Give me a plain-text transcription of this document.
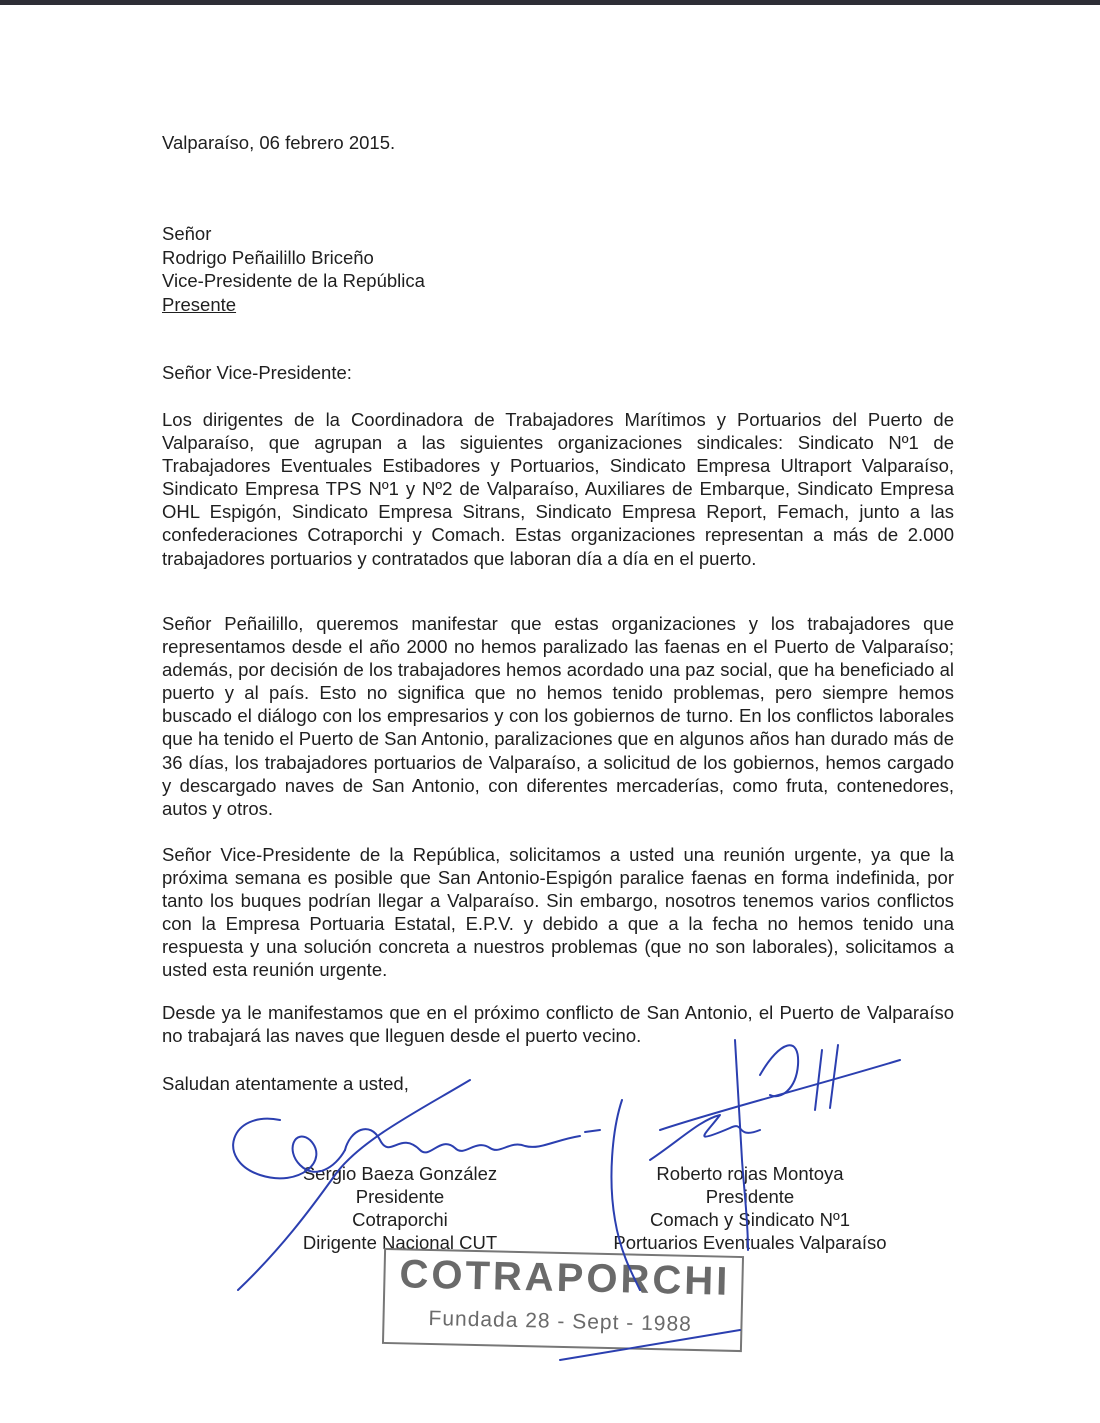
Valparaíso, 06 febrero 2015.
Señor
Rodrigo Peñailillo Briceño
Vice-Presidente de la República
Presente
Señor Vice-Presidente:

Los dirigentes de la Coordinadora de Trabajadores Marítimos y Portuarios del Puerto de Valparaíso, que agrupan a las siguientes organizaciones sindicales: Sindicato Nº1 de Trabajadores Eventuales Estibadores y Portuarios, Sindicato Empresa Ultraport Valparaíso, Sindicato Empresa TPS Nº1 y Nº2 de Valparaíso, Auxiliares de Embarque, Sindicato Empresa OHL Espigón, Sindicato Empresa Sitrans, Sindicato Empresa Report, Femach, junto a las confederaciones Cotraporchi y Comach. Estas organizaciones representan a más de 2.000 trabajadores portuarios y contratados que laboran día a día en el puerto.

Señor Peñailillo, queremos manifestar que estas organizaciones y los trabajadores que representamos desde el año 2000 no hemos paralizado las faenas en el Puerto de Valparaíso; además, por decisión de los trabajadores hemos acordado una paz social, que ha beneficiado al puerto y al país. Esto no significa que no hemos tenido problemas, pero siempre hemos buscado el diálogo con los empresarios y con los gobiernos de turno. En los conflictos laborales que ha tenido el Puerto de San Antonio, paralizaciones que en algunos años han durado más de 36 días, los trabajadores portuarios de Valparaíso, a solicitud de los gobiernos, hemos cargado y descargado naves de San Antonio, con diferentes mercaderías, como fruta, contenedores, autos y otros.

Señor Vice-Presidente de la República, solicitamos a usted una reunión urgente, ya que la próxima semana es posible que San Antonio-Espigón paralice faenas en forma indefinida, por tanto los buques podrían llegar a Valparaíso. Sin embargo, nosotros tenemos varios conflictos con la Empresa Portuaria Estatal, E.P.V. y debido a que a la fecha no hemos tenido una respuesta y una solución concreta a nuestros problemas (que no son laborales), solicitamos a usted esta reunión urgente.

Desde ya le manifestamos que en el próximo conflicto de San Antonio, el Puerto de Valparaíso no trabajará las naves que lleguen desde el puerto vecino.

Saludan atentamente a usted,
Sergio Baeza González
Presidente
Cotraporchi
Dirigente Nacional CUT
Roberto rojas Montoya
Presidente
Comach y Sindicato Nº1
Portuarios Eventuales Valparaíso
COTRAPORCHI
Fundada 28 - Sept - 1988
